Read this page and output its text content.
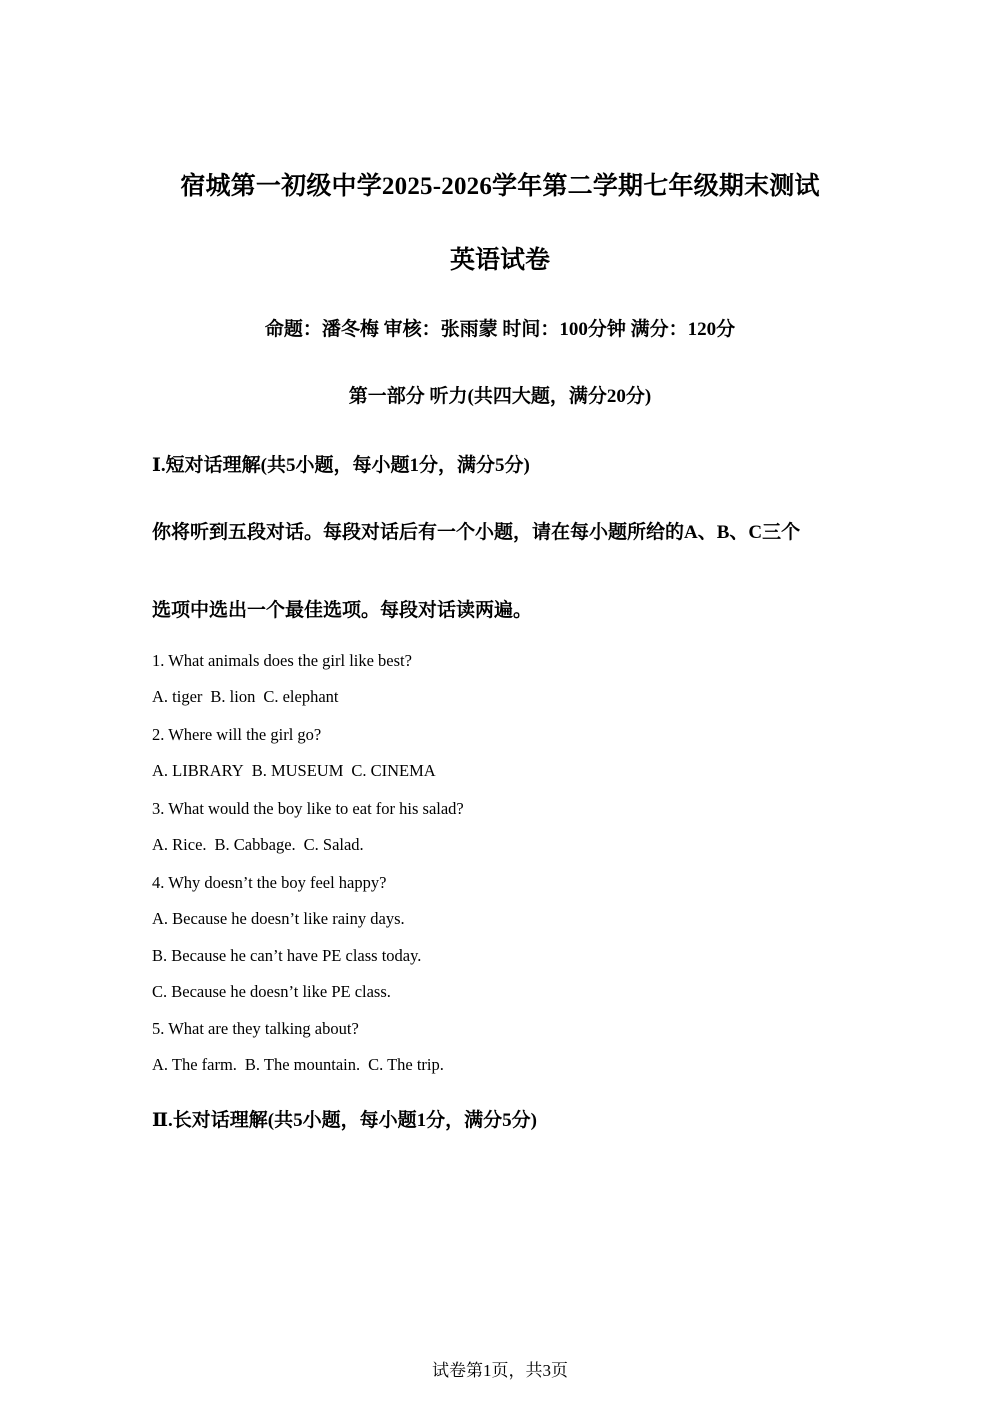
宿城第一初级中学2025-2026学年第二学期七年级期末测试
英语试卷
命题：潘冬梅 审核：张雨蒙 时间：100分钟 满分：120分
第一部分 听力(共四大题，满分20分)
Ⅰ.短对话理解(共5小题，每小题1分，满分5分)
你将听到五段对话。每段对话后有一个小题，请在每小题所给的A、B、C三个
选项中选出一个最佳选项。每段对话读两遍。
1. What animals does the girl like best?
A. tiger B. lion C. elephant
2. Where will the girl go?
A. LIBRARY B. MUSEUM C. CINEMA
3. What would the boy like to eat for his salad?
A. Rice. B. Cabbage. C. Salad.
4. Why doesn’t the boy feel happy?
A. Because he doesn’t like rainy days.
B. Because he can’t have PE class today.
C. Because he doesn’t like PE class.
5. What are they talking about?
A. The farm. B. The mountain. C. The trip.
Ⅱ.长对话理解(共5小题，每小题1分，满分5分)
试卷第1页，共3页
